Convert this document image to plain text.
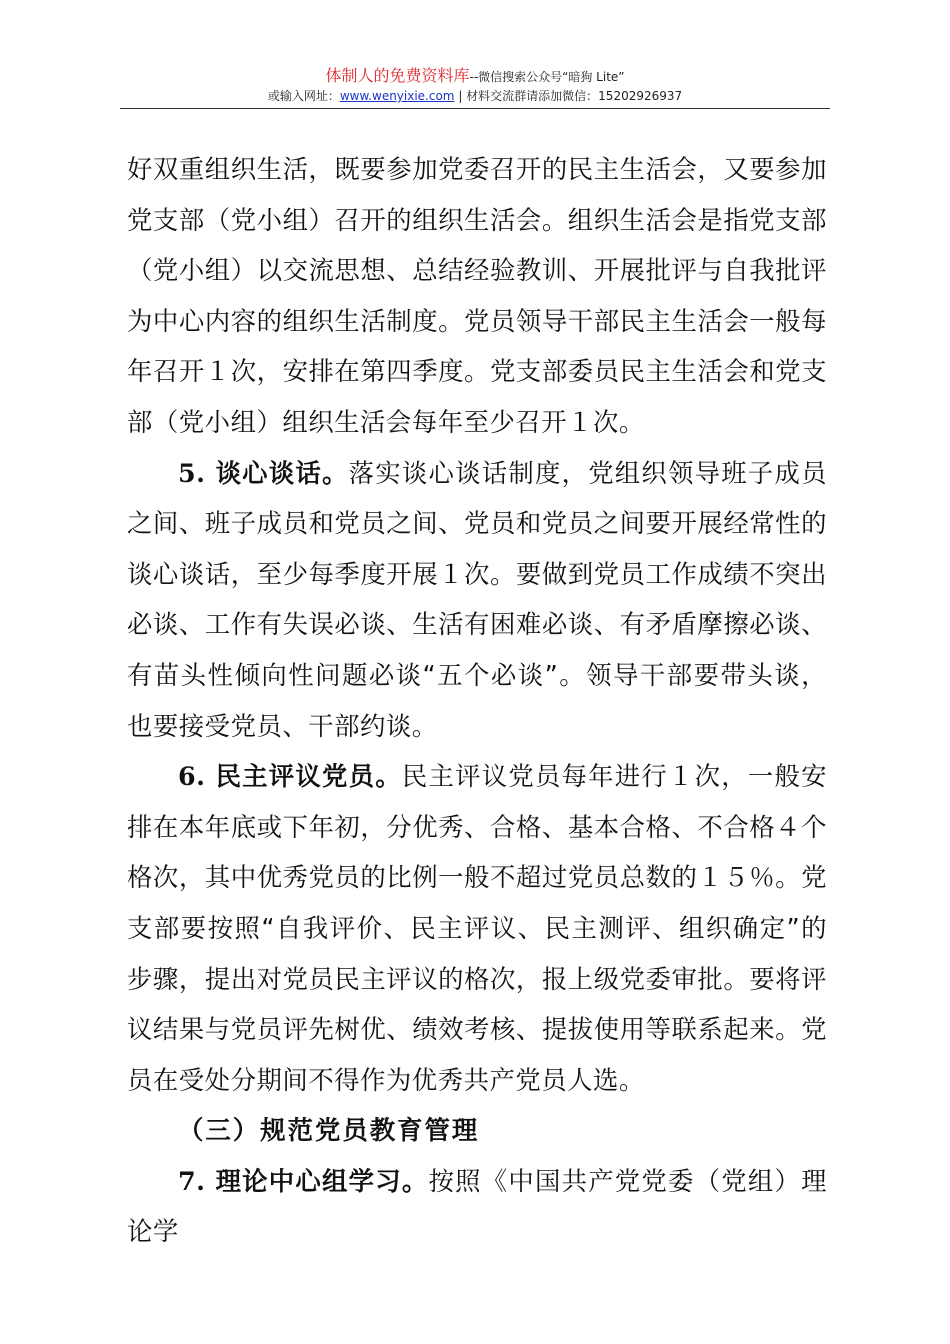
体制人的免费资料库--微信搜索公众号“暗狗 Lite”
或输入网址：www.wenyixie.com | 材料交流群请添加微信：15202926937

好双重组织生活，既要参加党委召开的民主生活会，又要参加党支部（党小组）召开的组织生活会。组织生活会是指党支部（党小组）以交流思想、总结经验教训、开展批评与自我批评为中心内容的组织生活制度。党员领导干部民主生活会一般每年召开１次，安排在第四季度。党支部委员民主生活会和党支部（党小组）组织生活会每年至少召开１次。

5. 谈心谈话。落实谈心谈话制度，党组织领导班子成员之间、班子成员和党员之间、党员和党员之间要开展经常性的谈心谈话，至少每季度开展１次。要做到党员工作成绩不突出必谈、工作有失误必谈、生活有困难必谈、有矛盾摩擦必谈、有苗头性倾向性问题必谈“五个必谈”。领导干部要带头谈，也要接受党员、干部约谈。

6. 民主评议党员。民主评议党员每年进行１次，一般安排在本年底或下年初，分优秀、合格、基本合格、不合格４个格次，其中优秀党员的比例一般不超过党员总数的１５％。党支部要按照“自我评价、民主评议、民主测评、组织确定”的步骤，提出对党员民主评议的格次，报上级党委审批。要将评议结果与党员评先树优、绩效考核、提拔使用等联系起来。党员在受处分期间不得作为优秀共产党员人选。

（三）规范党员教育管理

7. 理论中心组学习。按照《中国共产党党委（党组）理论学
